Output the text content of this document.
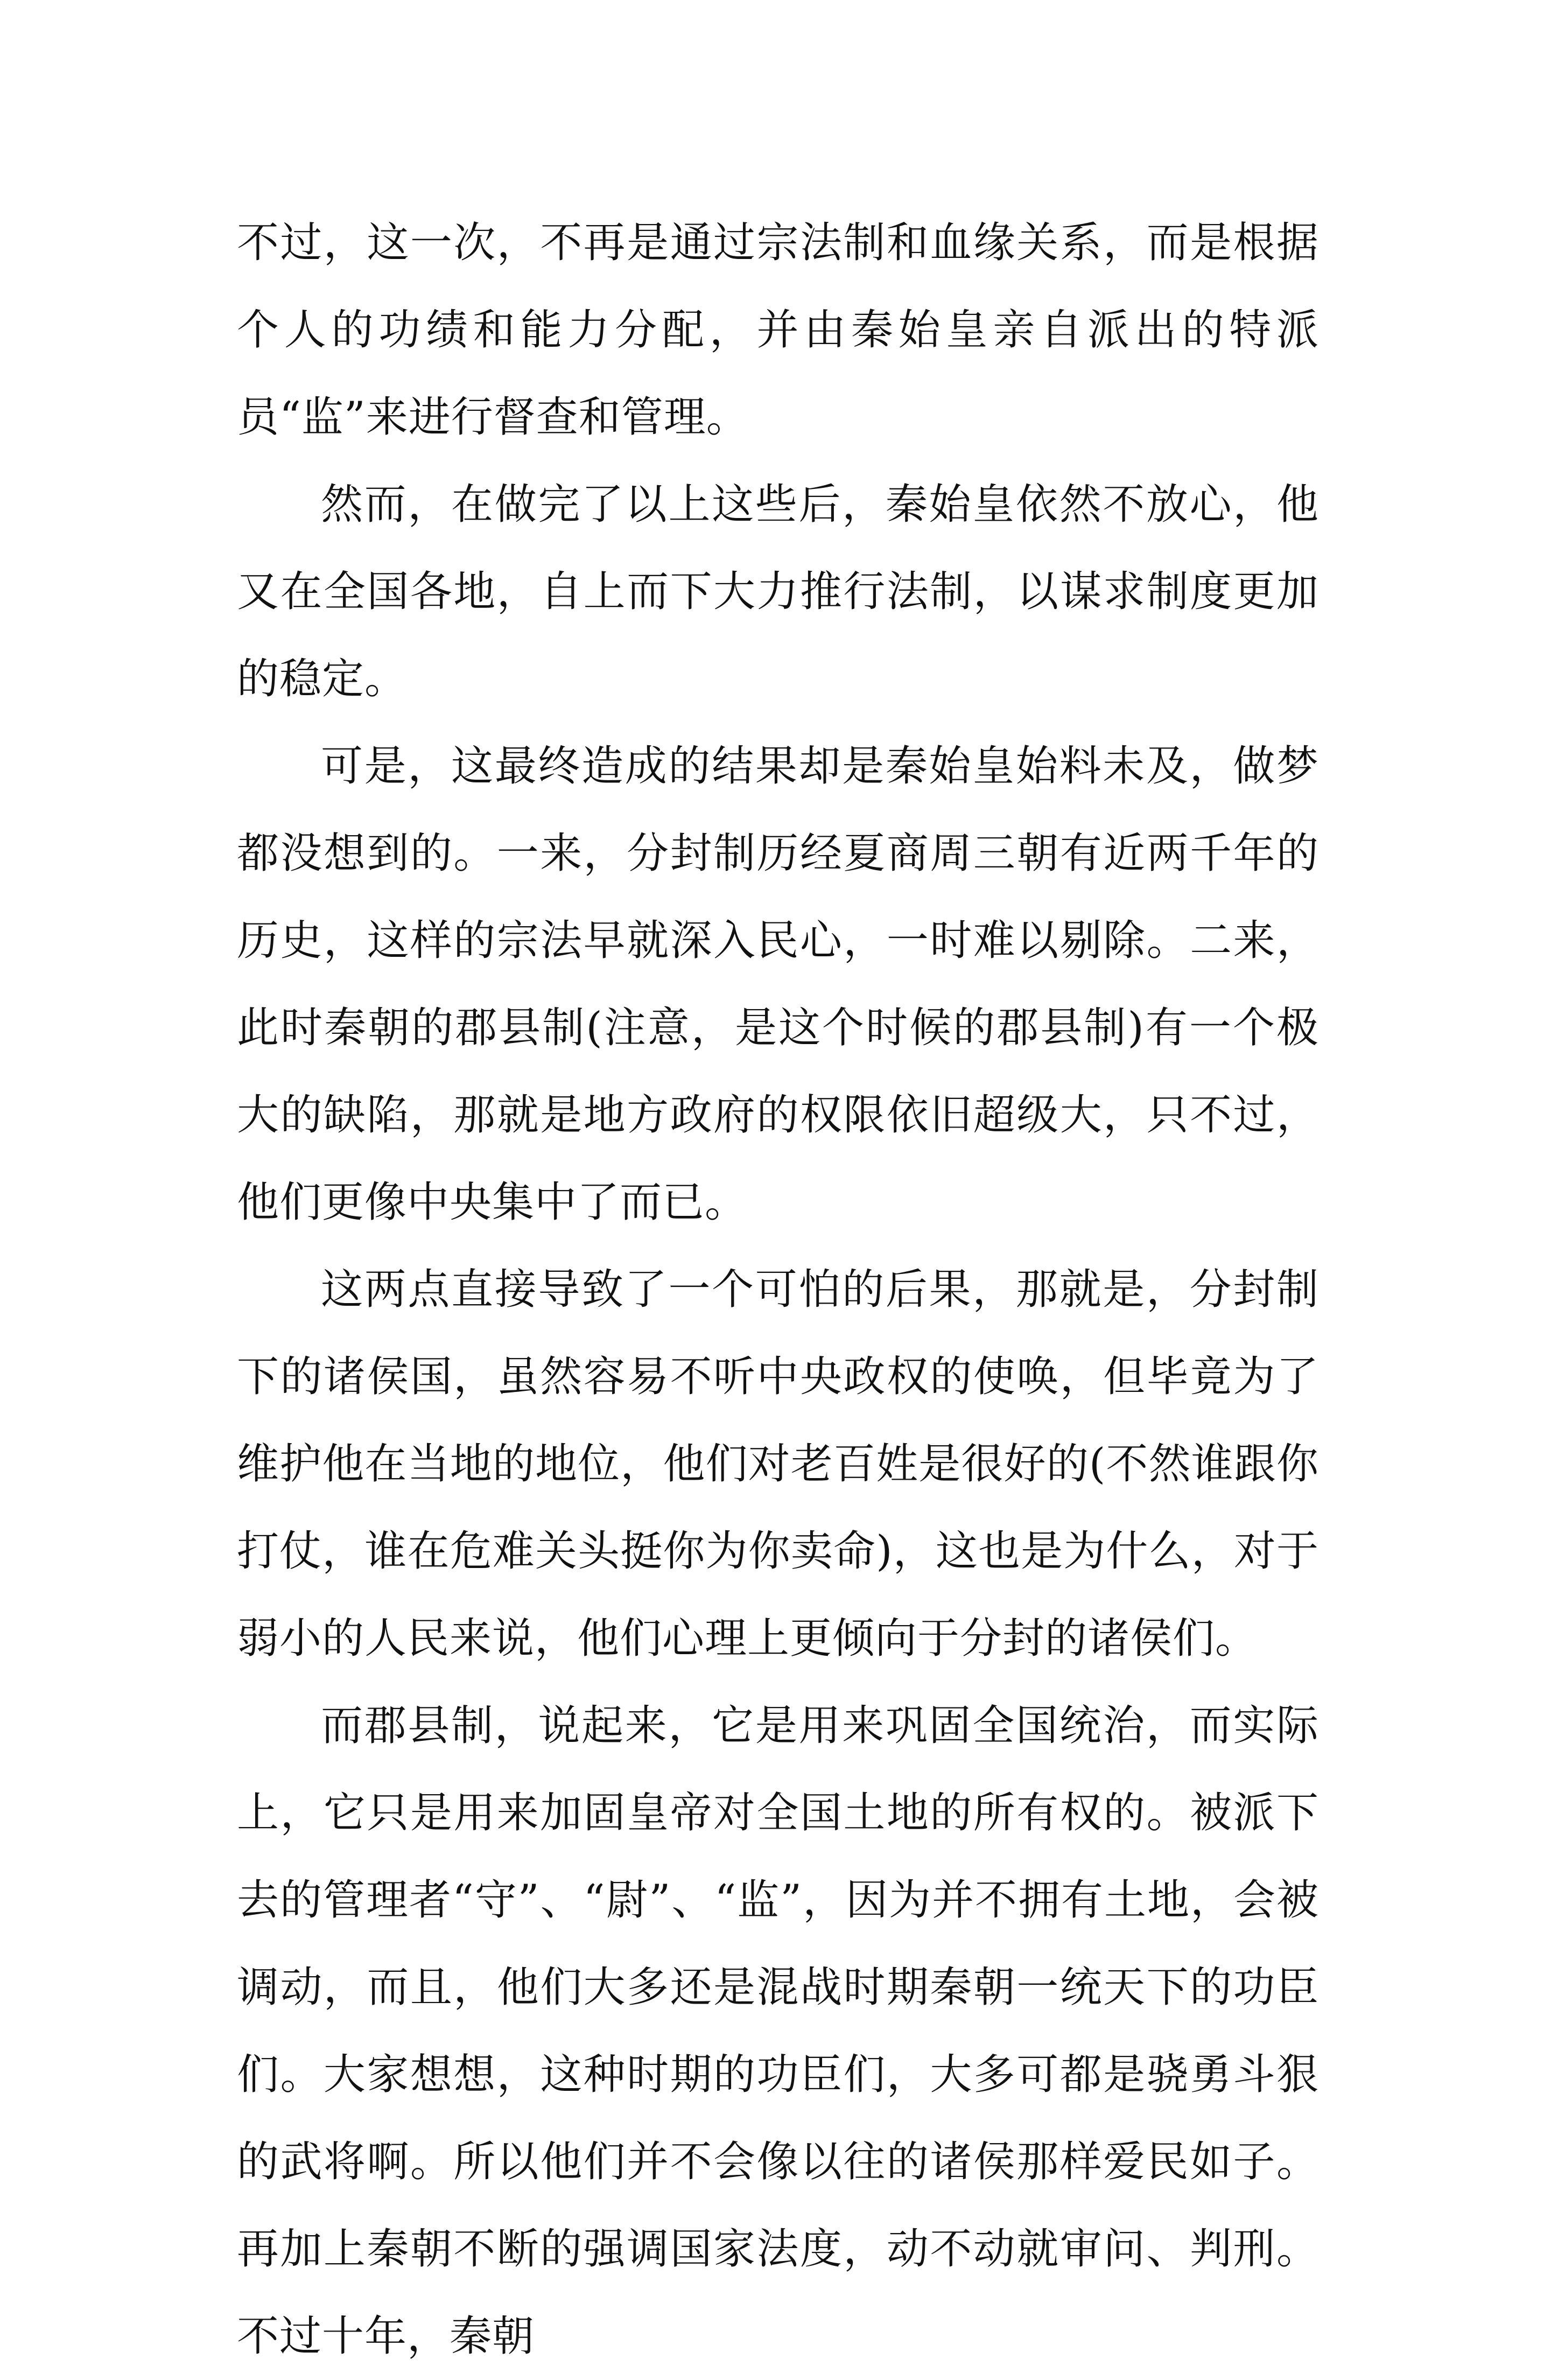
不过，这一次，不再是通过宗法制和血缘关系，而是根据个人的功绩和能力分配，并由秦始皇亲自派出的特派员“监”来进行督查和管理。

然而，在做完了以上这些后，秦始皇依然不放心，他又在全国各地，自上而下大力推行法制，以谋求制度更加的稳定。

可是，这最终造成的结果却是秦始皇始料未及，做梦都没想到的。一来，分封制历经夏商周三朝有近两千年的历史，这样的宗法早就深入民心，一时难以剔除。二来，此时秦朝的郡县制(注意，是这个时候的郡县制)有一个极大的缺陷，那就是地方政府的权限依旧超级大，只不过，他们更像中央集中了而已。

这两点直接导致了一个可怕的后果，那就是，分封制下的诸侯国，虽然容易不听中央政权的使唤，但毕竟为了维护他在当地的地位，他们对老百姓是很好的(不然谁跟你打仗，谁在危难关头挺你为你卖命)，这也是为什么，对于弱小的人民来说，他们心理上更倾向于分封的诸侯们。

而郡县制，说起来，它是用来巩固全国统治，而实际上，它只是用来加固皇帝对全国土地的所有权的。被派下去的管理者“守”、“尉”、“监”，因为并不拥有土地，会被调动，而且，他们大多还是混战时期秦朝一统天下的功臣们。大家想想，这种时期的功臣们，大多可都是骁勇斗狠的武将啊。所以他们并不会像以往的诸侯那样爱民如子。再加上秦朝不断的强调国家法度，动不动就审问、判刑。不过十年，秦朝
